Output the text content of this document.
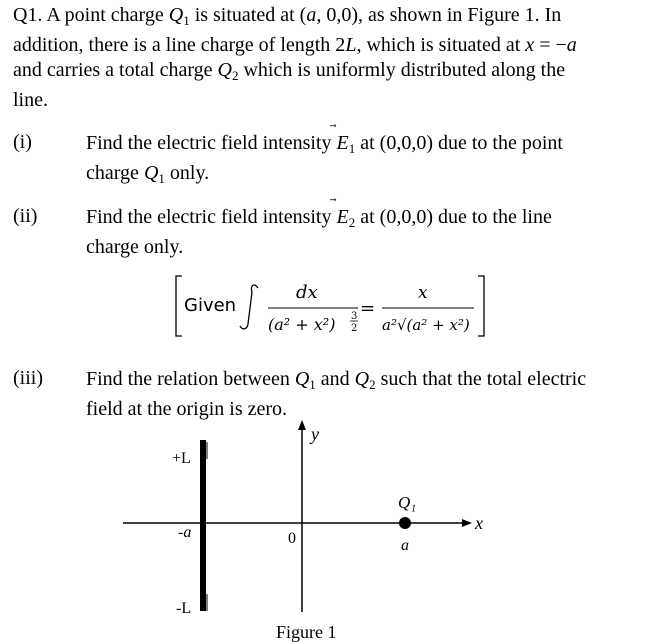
Q1. A point charge $Q_1$ is situated at (a, 0,0), as shown in Figure 1. In
addition, there is a line charge of length 2L, which is situated at x = −a
and carries a total charge $Q_2$ which is uniformly distributed along the
line.
(i)	Find the electric field intensity E
$_1$ at (0,0,0) due to the point
charge $Q_1$ only.
(ii) Find the electric field intensity E
$_2$ at (0,0,0) due to the line
charge only.
Given
dx
(a² + x²) 3
2
=
x
a²√(a² + x²)
(iii) Find the relation between $Q_1$ and $Q_2$ such that the total electric
field at the origin is zero.
y
x
+L
-L
-a	0
Q₁
a
Figure 1
